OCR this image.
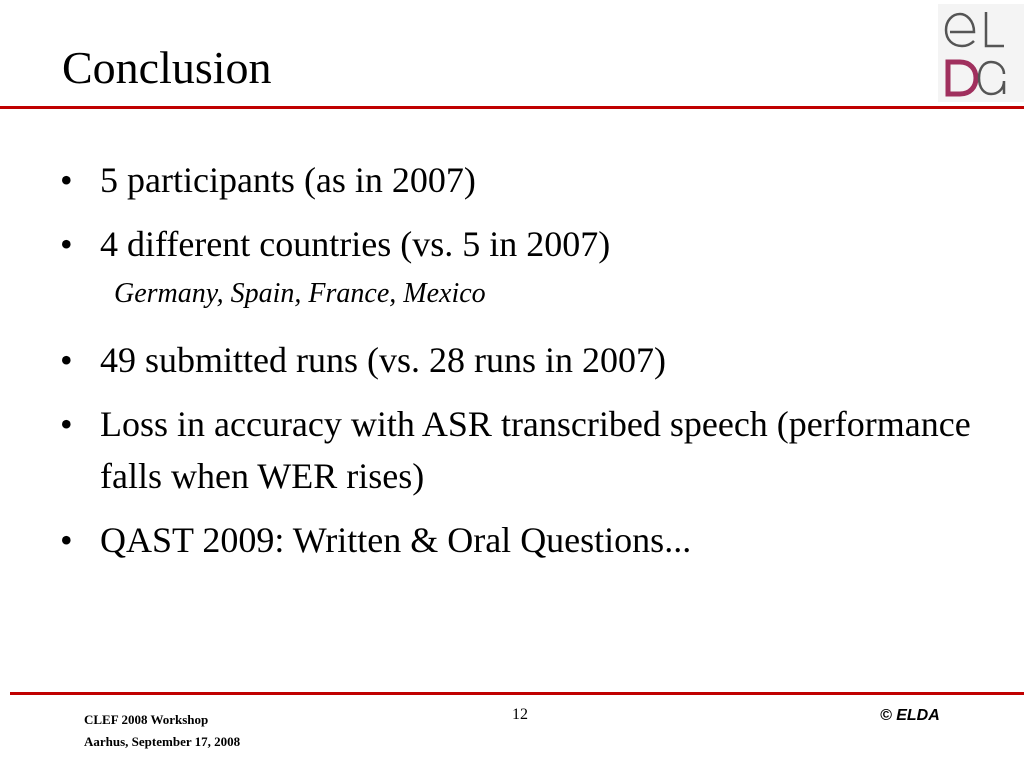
Conclusion
• 5 participants (as in 2007)
• 4 different countries (vs. 5 in 2007)
Germany, Spain, France, Mexico
• 49 submitted runs (vs. 28 runs in 2007)
• Loss in accuracy with ASR transcribed speech (performance falls when WER rises)
• QAST 2009: Written & Oral Questions...
CLEF 2008 Workshop
Aarhus, September 17, 2008
12	© ELDA
